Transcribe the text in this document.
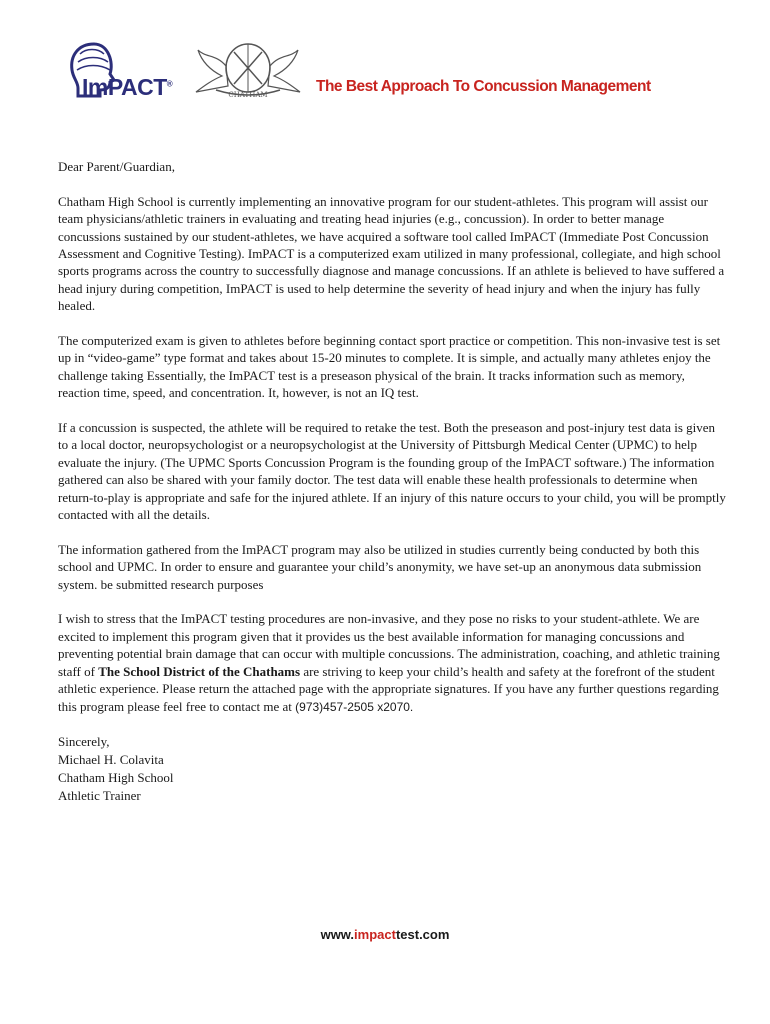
ImPACT®
CHATHAM	The Best Approach To Concussion Management

Dear Parent/Guardian,

Chatham High School is currently implementing an innovative program for our student-athletes. This program will assist our team physicians/athletic trainers in evaluating and treating head injuries (e.g., concussion). In order to better manage concussions sustained by our student-athletes, we have acquired a software tool called ImPACT (Immediate Post Concussion Assessment and Cognitive Testing). ImPACT is a computerized exam utilized in many professional, collegiate, and high school sports programs across the country to successfully diagnose and manage concussions. If an athlete is believed to have suffered a head injury during competition, ImPACT is used to help determine the severity of head injury and when the injury has fully healed.

The computerized exam is given to athletes before beginning contact sport practice or competition. This non-invasive test is set up in “video-game” type format and takes about 15-20 minutes to complete. It is simple, and actually many athletes enjoy the challenge taking Essentially, the ImPACT test is a preseason physical of the brain. It tracks information such as memory, reaction time, speed, and concentration. It, however, is not an IQ test.

If a concussion is suspected, the athlete will be required to retake the test. Both the preseason and post-injury test data is given to a local doctor, neuropsychologist or a neuropsychologist at the University of Pittsburgh Medical Center (UPMC) to help evaluate the injury. (The UPMC Sports Concussion Program is the founding group of the ImPACT software.) The information gathered can also be shared with your family doctor. The test data will enable these health professionals to determine when return-to-play is appropriate and safe for the injured athlete. If an injury of this nature occurs to your child, you will be promptly contacted with all the details.

The information gathered from the ImPACT program may also be utilized in studies currently being conducted by both this school and UPMC. In order to ensure and guarantee your child’s anonymity, we have set-up an anonymous data submission system. be submitted research purposes

I wish to stress that the ImPACT testing procedures are non-invasive, and they pose no risks to your student-athlete. We are excited to implement this program given that it provides us the best available information for managing concussions and preventing potential brain damage that can occur with multiple concussions. The administration, coaching, and athletic training staff of The School District of the Chathams are striving to keep your child’s health and safety at the forefront of the student athletic experience. Please return the attached page with the appropriate signatures. If you have any further questions regarding this program please feel free to contact me at (973)457-2505 x2070.

Sincerely,
Michael H. Colavita
Chatham High School
Athletic Trainer
www.impacttest.com
